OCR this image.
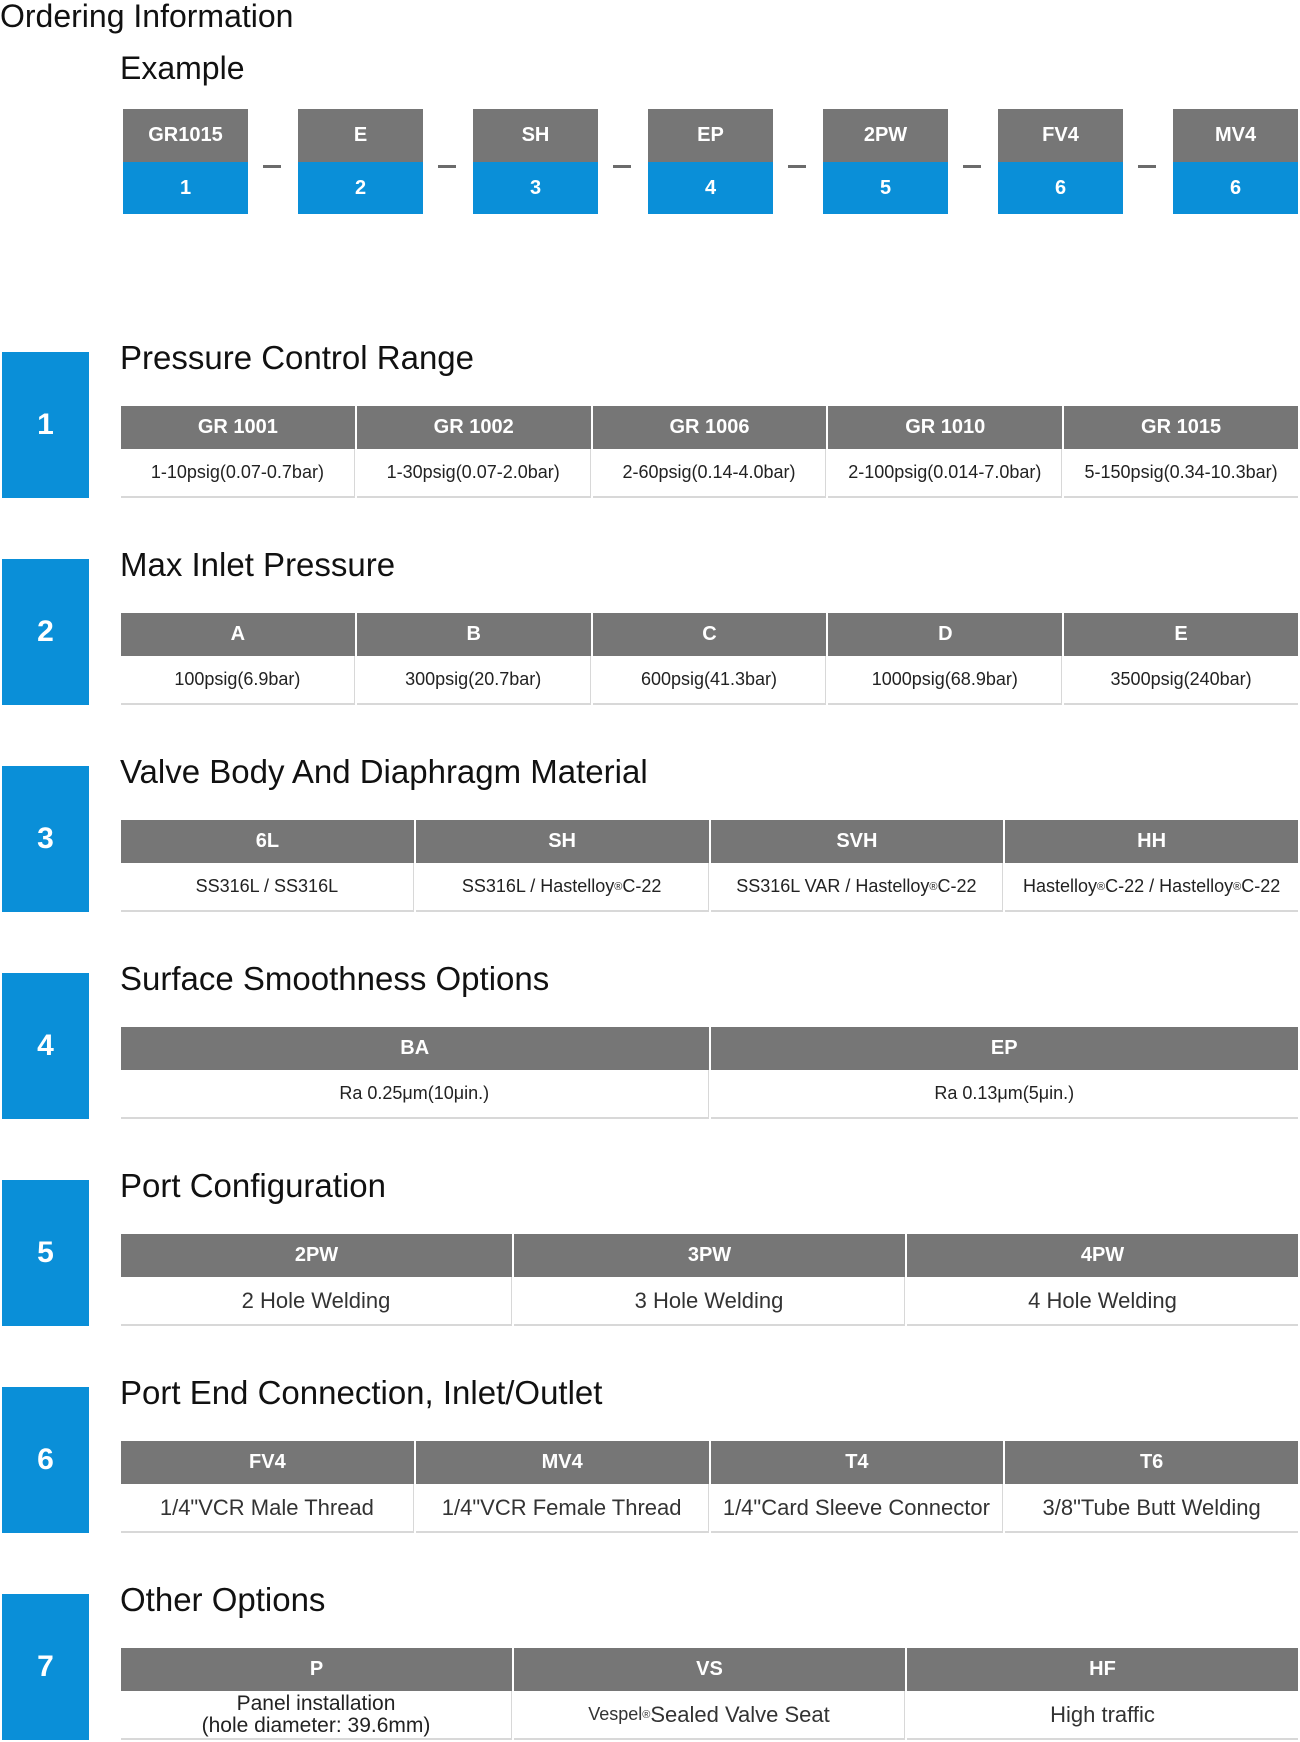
Ordering Information
Example
GR1015
1
E
2
SH
3
EP
4
2PW
5
FV4
6
MV4
6
1
Pressure Control Range
GR 1001
1-10psig(0.07-0.7bar)
GR 1002
1-30psig(0.07-2.0bar)
GR 1006
2-60psig(0.14-4.0bar)
GR 1010
2-100psig(0.014-7.0bar)
GR 1015
5-150psig(0.34-10.3bar)
2
Max Inlet Pressure
A
100psig(6.9bar)
B
300psig(20.7bar)
C
600psig(41.3bar)
D
1000psig(68.9bar)
E
3500psig(240bar)
3
Valve Body And Diaphragm Material
6L
SS316L / SS316L
SH
SS316L / Hastelloy ® C-22
SVH
SS316L VAR / Hastelloy ® C-22
HH
Hastelloy ® C-22 / Hastelloy ® C-22
4
Surface Smoothness Options
BA
Ra 0.25μm(10μin.)
EP
Ra 0.13μm(5μin.)
5
Port Configuration
2PW
2 Hole Welding
3PW
3 Hole Welding
4PW
4 Hole Welding
6
Port End Connection, Inlet/Outlet
FV4
1/4"VCR Male Thread
MV4
1/4"VCR Female Thread
T4
1/4"Card Sleeve Connector
T6
3/8"Tube Butt Welding
7
Other Options
P
Panel installation
(hole diameter: 39.6mm)
VS
Vespel ® Sealed Valve Seat
HF
High traffic
